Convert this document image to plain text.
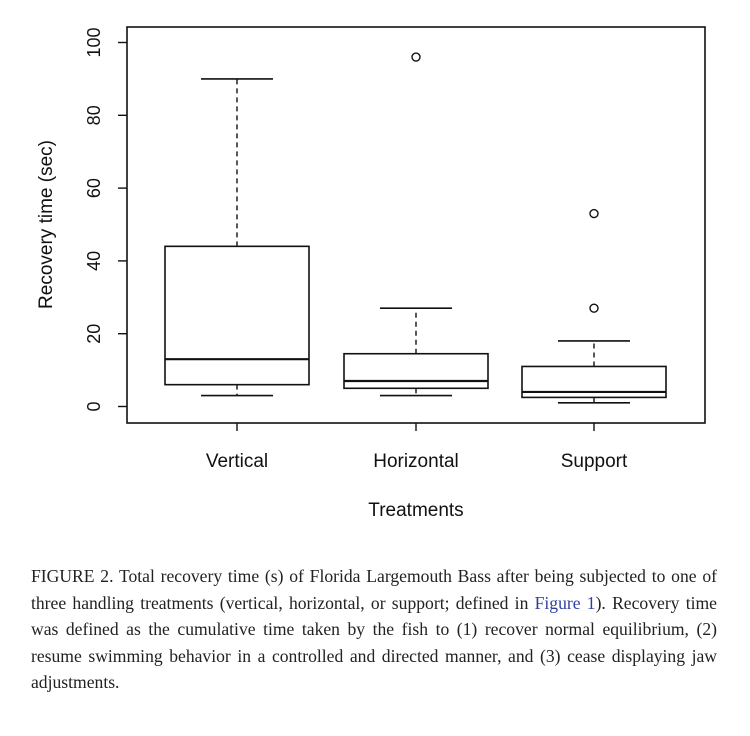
0
20
40
60
80
100
Recovery time (sec)
Vertical	Horizontal	Support
Treatments
FIGURE 2. Total recovery time (s) of Florida Largemouth Bass after being subjected to one of three handling treatments (vertical, horizontal, or support; defined in Figure 1). Recovery time was defined as the cumulative time taken by the fish to (1) recover normal equilibrium, (2) resume swimming behavior in a controlled and directed manner, and (3) cease displaying jaw adjustments.
